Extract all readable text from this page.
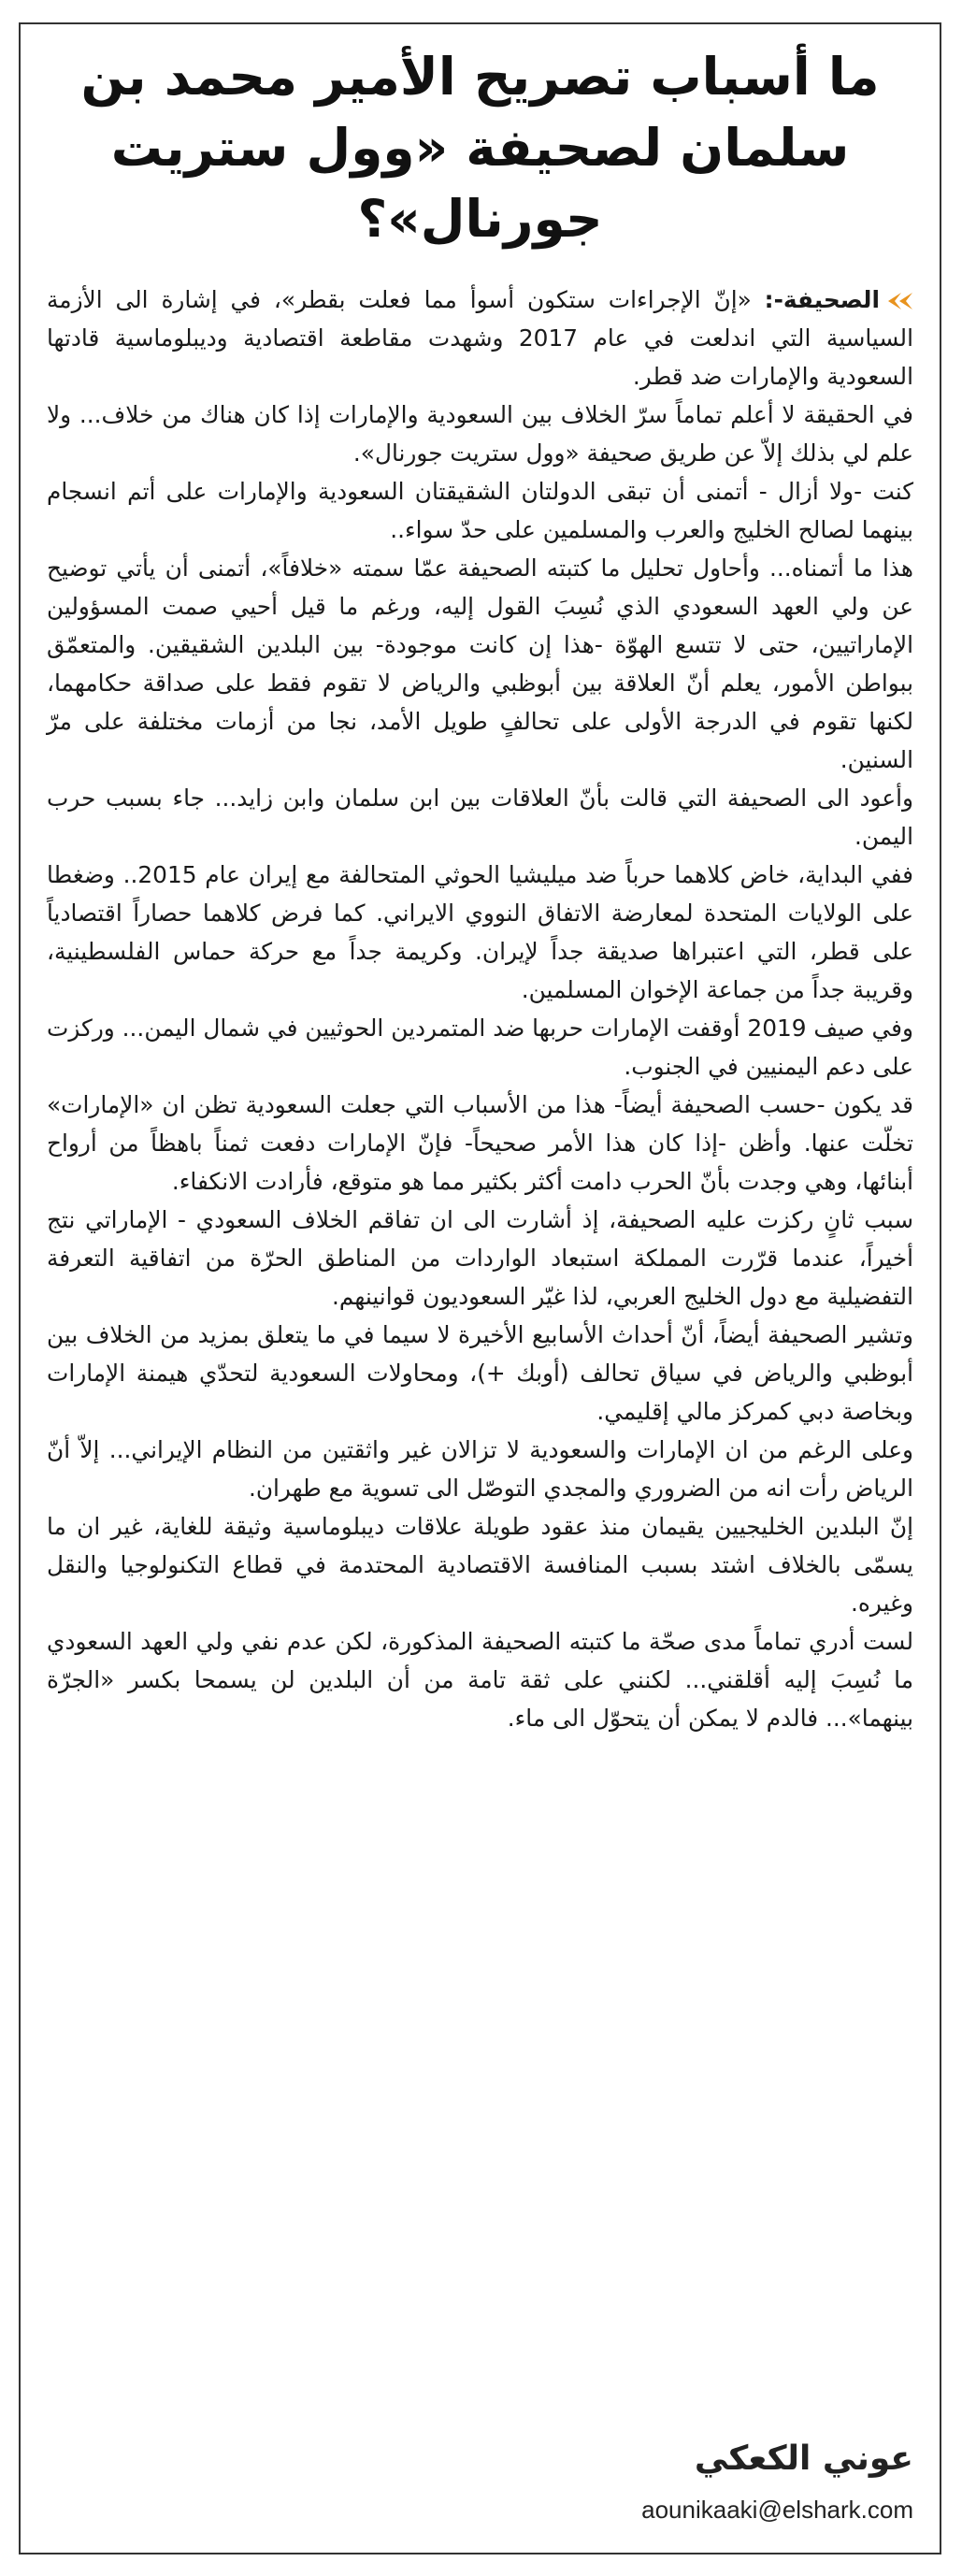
ما أسباب تصريح الأمير محمد بن سلمان لصحيفة «وول ستريت جورنال»؟

الصحيفة-: «إنّ الإجراءات ستكون أسوأ مما فعلت بقطر»، في إشارة الى الأزمة السياسية التي اندلعت في عام 2017 وشهدت مقاطعة اقتصادية وديبلوماسية قادتها السعودية والإمارات ضد قطر.

في الحقيقة لا أعلم تماماً سرّ الخلاف بين السعودية والإمارات إذا كان هناك من خلاف... ولا علم لي بذلك إلاّ عن طريق صحيفة «وول ستريت جورنال».

كنت -ولا أزال - أتمنى أن تبقى الدولتان الشقيقتان السعودية والإمارات على أتم انسجام بينهما لصالح الخليج والعرب والمسلمين على حدّ سواء..

هذا ما أتمناه... وأحاول تحليل ما كتبته الصحيفة عمّا سمته «خلافاً»، أتمنى أن يأتي توضيح عن ولي العهد السعودي الذي نُسِبَ القول إليه، ورغم ما قيل أحيي صمت المسؤولين الإماراتيين، حتى لا تتسع الهوّة -هذا إن كانت موجودة- بين البلدين الشقيقين. والمتعمّق ببواطن الأمور، يعلم أنّ العلاقة بين أبوظبي والرياض لا تقوم فقط على صداقة حكامهما، لكنها تقوم في الدرجة الأولى على تحالفٍ طويل الأمد، نجا من أزمات مختلفة على مرّ السنين.

وأعود الى الصحيفة التي قالت بأنّ العلاقات بين ابن سلمان وابن زايد... جاء بسبب حرب اليمن.

ففي البداية، خاض كلاهما حرباً ضد ميليشيا الحوثي المتحالفة مع إيران عام 2015.. وضغطا على الولايات المتحدة لمعارضة الاتفاق النووي الايراني. كما فرض كلاهما حصاراً اقتصادياً على قطر، التي اعتبراها صديقة جداً لإيران. وكريمة جداً مع حركة حماس الفلسطينية، وقريبة جداً من جماعة الإخوان المسلمين.

وفي صيف 2019 أوقفت الإمارات حربها ضد المتمردين الحوثيين في شمال اليمن... وركزت على دعم اليمنيين في الجنوب.

قد يكون -حسب الصحيفة أيضاً- هذا من الأسباب التي جعلت السعودية تظن ان «الإمارات» تخلّت عنها. وأظن -إذا كان هذا الأمر صحيحاً- فإنّ الإمارات دفعت ثمناً باهظاً من أرواح أبنائها، وهي وجدت بأنّ الحرب دامت أكثر بكثير مما هو متوقع، فأرادت الانكفاء.

سبب ثانٍ ركزت عليه الصحيفة، إذ أشارت الى ان تفاقم الخلاف السعودي - الإماراتي نتج أخيراً، عندما قرّرت المملكة استبعاد الواردات من المناطق الحرّة من اتفاقية التعرفة التفضيلية مع دول الخليج العربي، لذا غيّر السعوديون قوانينهم.

وتشير الصحيفة أيضاً، أنّ أحداث الأسابيع الأخيرة لا سيما في ما يتعلق بمزيد من الخلاف بين أبوظبي والرياض في سياق تحالف (أوبك +)، ومحاولات السعودية لتحدّي هيمنة الإمارات وبخاصة دبي كمركز مالي إقليمي.

وعلى الرغم من ان الإمارات والسعودية لا تزالان غير واثقتين من النظام الإيراني... إلاّ أنّ الرياض رأت انه من الضروري والمجدي التوصّل الى تسوية مع طهران.

إنّ البلدين الخليجيين يقيمان منذ عقود طويلة علاقات ديبلوماسية وثيقة للغاية، غير ان ما يسمّى بالخلاف اشتد بسبب المنافسة الاقتصادية المحتدمة في قطاع التكنولوجيا والنقل وغيره.

لست أدري تماماً مدى صحّة ما كتبته الصحيفة المذكورة، لكن عدم نفي ولي العهد السعودي ما نُسِبَ إليه أقلقني... لكنني على ثقة تامة من أن البلدين لن يسمحا بكسر «الجرّة بينهما»... فالدم لا يمكن أن يتحوّل الى ماء.

عوني الكعكي
aounikaaki@elshark.com
